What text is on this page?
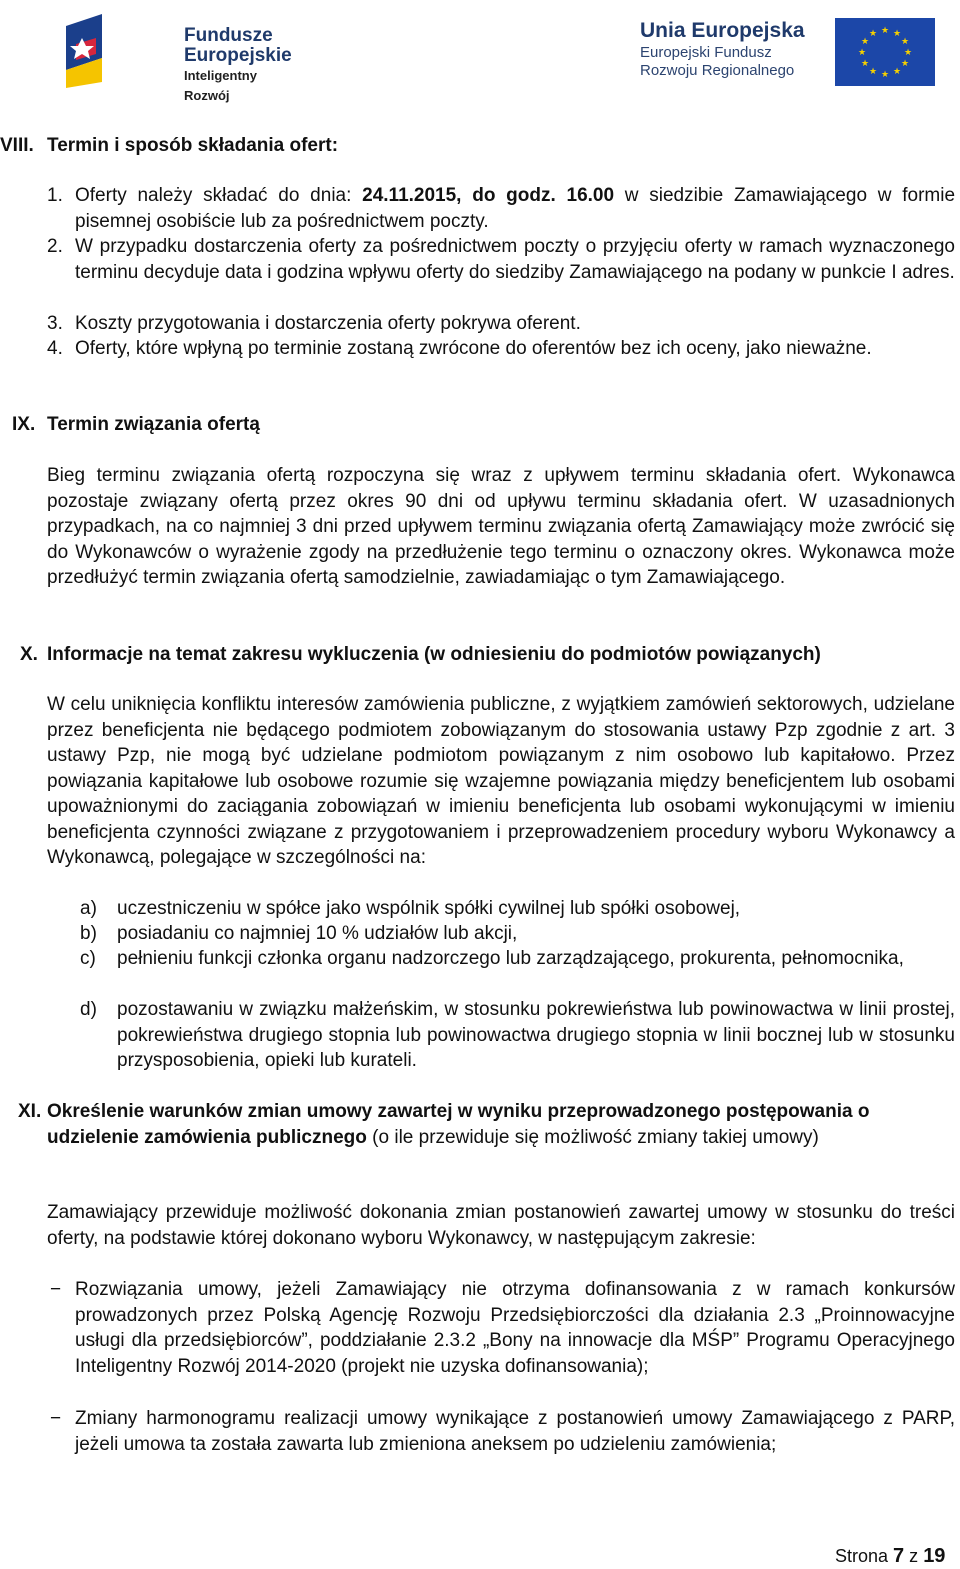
Fundusze
Europejskie
Inteligentny Rozwój
Unia Europejska
Europejski Fundusz
Rozwoju Regionalnego
★ ★
★
★
★
★
★
★
★
★
★
★
VIII. Termin i sposób składania ofert:
1. Oferty należy składać do dnia: 24.11.2015, do godz. 16.00 w siedzibie Zamawiającego w formie pisemnej osobiście lub za pośrednictwem poczty.
2. W przypadku dostarczenia oferty za pośrednictwem poczty o przyjęciu oferty w ramach wyznaczonego terminu decyduje data i godzina wpływu oferty do siedziby Zamawiającego na podany w punkcie I adres.
3. Koszty przygotowania i dostarczenia oferty pokrywa oferent.
4. Oferty, które wpłyną po terminie zostaną zwrócone do oferentów bez ich oceny, jako nieważne.
IX. Termin związania ofertą
Bieg terminu związania ofertą rozpoczyna się wraz z upływem terminu składania ofert. Wykonawca pozostaje związany ofertą przez okres 90 dni od upływu terminu składania ofert. W uzasadnionych przypadkach, na co najmniej 3 dni przed upływem terminu związania ofertą Zamawiający może zwrócić się do Wykonawców o wyrażenie zgody na przedłużenie tego terminu o oznaczony okres. Wykonawca może przedłużyć termin związania ofertą samodzielnie, zawiadamiając o tym Zamawiającego.
X. Informacje na temat zakresu wykluczenia (w odniesieniu do podmiotów powiązanych)
W celu uniknięcia konfliktu interesów zamówienia publiczne, z wyjątkiem zamówień sektorowych, udzielane przez beneficjenta nie będącego podmiotem zobowiązanym do stosowania ustawy Pzp zgodnie z art. 3 ustawy Pzp, nie mogą być udzielane podmiotom powiązanym z nim osobowo lub kapitałowo. Przez powiązania kapitałowe lub osobowe rozumie się wzajemne powiązania między beneficjentem lub osobami upoważnionymi do zaciągania zobowiązań w imieniu beneficjenta lub osobami wykonującymi w imieniu beneficjenta czynności związane z przygotowaniem i przeprowadzeniem procedury wyboru Wykonawcy a Wykonawcą, polegające w szczególności na:
a) uczestniczeniu w spółce jako wspólnik spółki cywilnej lub spółki osobowej,
b) posiadaniu co najmniej 10 % udziałów lub akcji,
c) pełnieniu funkcji członka organu nadzorczego lub zarządzającego, prokurenta, pełnomocnika,
d) pozostawaniu w związku małżeńskim, w stosunku pokrewieństwa lub powinowactwa w linii prostej, pokrewieństwa drugiego stopnia lub powinowactwa drugiego stopnia w linii bocznej lub w stosunku przysposobienia, opieki lub kurateli.
XI. Określenie warunków zmian umowy zawartej w wyniku przeprowadzonego postępowania o udzielenie zamówienia publicznego (o ile przewiduje się możliwość zmiany takiej umowy)
Zamawiający przewiduje możliwość dokonania zmian postanowień zawartej umowy w stosunku do treści oferty, na podstawie której dokonano wyboru Wykonawcy, w następującym zakresie:
− Rozwiązania umowy, jeżeli Zamawiający nie otrzyma dofinansowania z w ramach konkursów prowadzonych przez Polską Agencję Rozwoju Przedsiębiorczości dla działania 2.3 „Proinnowacyjne usługi dla przedsiębiorców”, poddziałanie 2.3.2 „Bony na innowacje dla MŚP” Programu Operacyjnego Inteligentny Rozwój 2014-2020 (projekt nie uzyska dofinansowania);
− Zmiany harmonogramu realizacji umowy wynikające z postanowień umowy Zamawiającego z PARP, jeżeli umowa ta została zawarta lub zmieniona aneksem po udzieleniu zamówienia;
Strona 7 z 19
